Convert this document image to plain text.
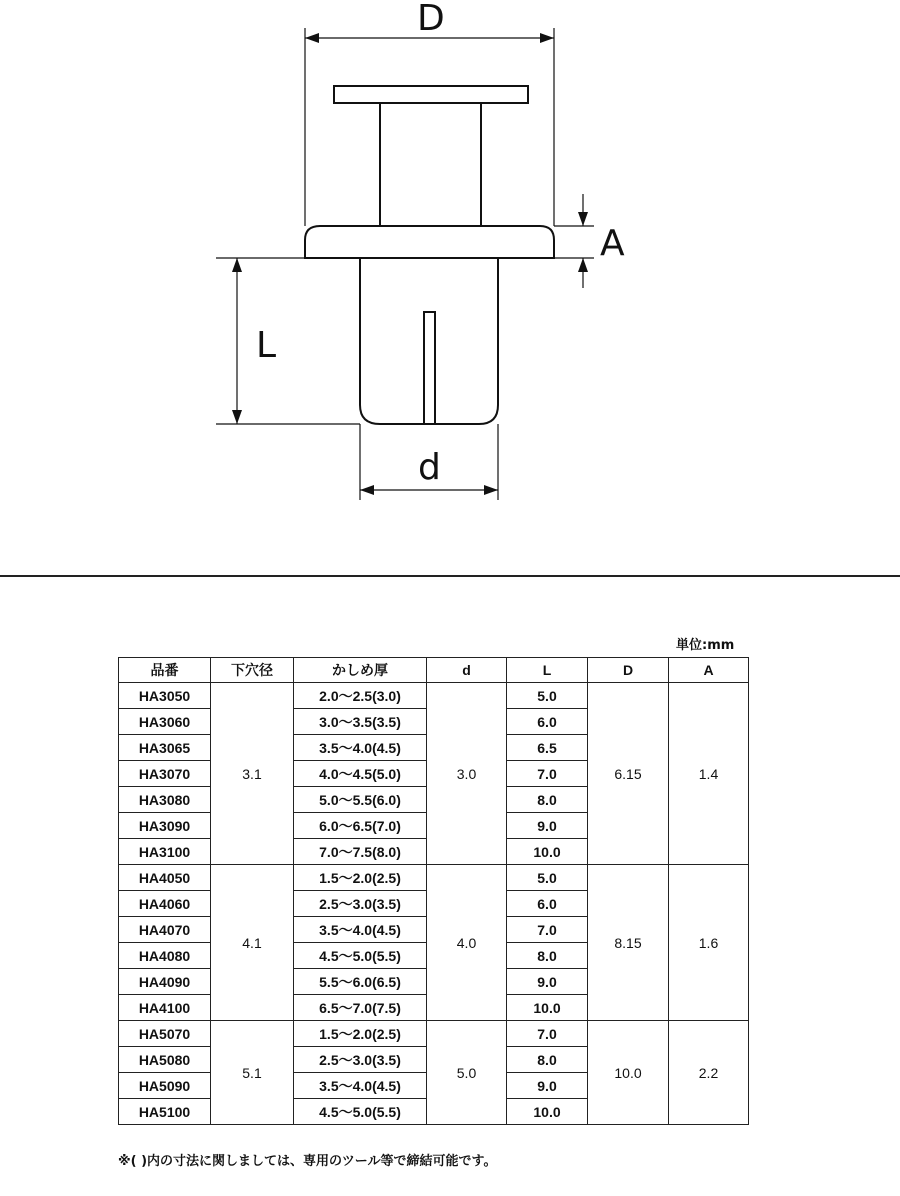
D
A
L
d
単位:mm
品番	下穴径	かしめ厚	d	L	D	A
HA3050	3.1	2.0〜2.5(3.0)	3.0	5.0	6.15	1.4
HA3060		3.0〜3.5(3.5)		6.0		
HA3065		3.5〜4.0(4.5)		6.5		
HA3070		4.0〜4.5(5.0)		7.0		
HA3080		5.0〜5.5(6.0)		8.0		
HA3090		6.0〜6.5(7.0)		9.0		
HA3100		7.0〜7.5(8.0)		10.0		
HA4050	4.1	1.5〜2.0(2.5)	4.0	5.0	8.15	1.6
HA4060		2.5〜3.0(3.5)		6.0		
HA4070		3.5〜4.0(4.5)		7.0		
HA4080		4.5〜5.0(5.5)		8.0		
HA4090		5.5〜6.0(6.5)		9.0		
HA4100		6.5〜7.0(7.5)		10.0		
HA5070	5.1	1.5〜2.0(2.5)	5.0	7.0	10.0	2.2
HA5080		2.5〜3.0(3.5)		8.0		
HA5090		3.5〜4.0(4.5)		9.0		
HA5100		4.5〜5.0(5.5)		10.0		
※( )内の寸法に関しましては、専用のツール等で締結可能です。
